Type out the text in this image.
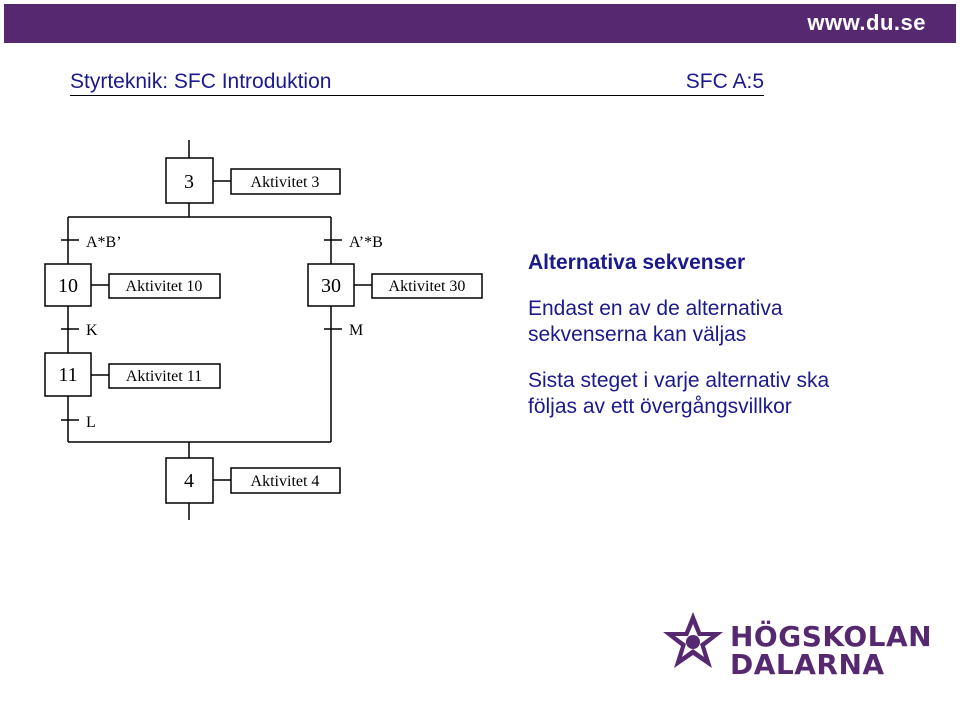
www.du.se
Styrteknik: SFC Introduktion	SFC A:5
3
10
11
30
4
Aktivitet 3
Aktivitet 10
Aktivitet 11
Aktivitet 30
Aktivitet 4
A*B’
K
L
A’*B
M
Alternativa sekvenser
Endast en av de alternativa
sekvenserna kan väljas
Sista steget i varje alternativ ska
följas av ett övergångsvillkor
HÖGSKOLAN
DALARNA
